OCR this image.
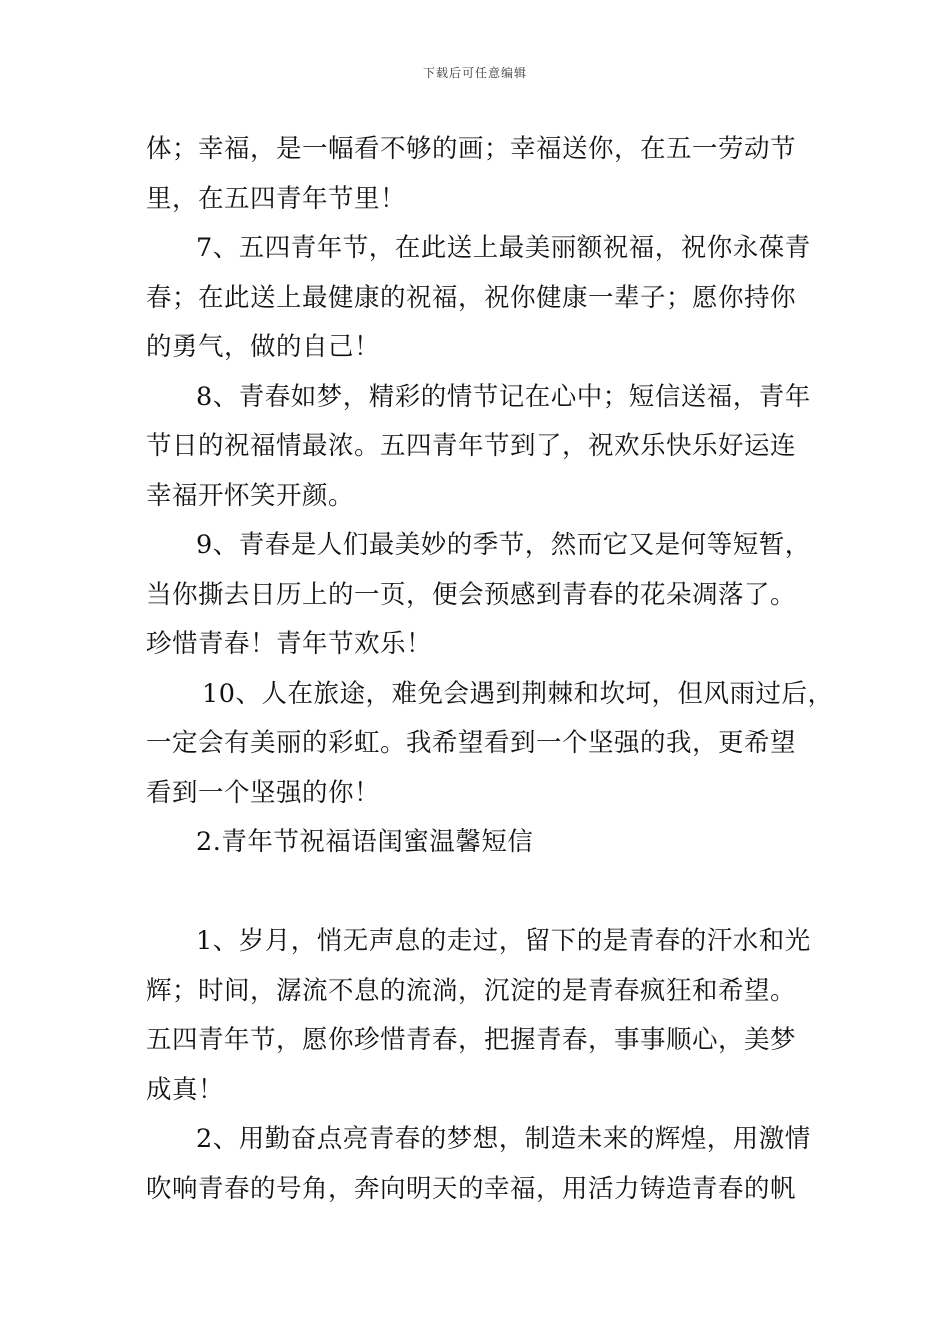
下载后可任意编辑
体；幸福，是一幅看不够的画；幸福送你，在五一劳动节
里，在五四青年节里！
7、五四青年节，在此送上最美丽额祝福，祝你永葆青
春；在此送上最健康的祝福，祝你健康一辈子；愿你持你
的勇气，做的自己！
8、青春如梦，精彩的情节记在心中；短信送福，青年
节日的祝福情最浓。五四青年节到了，祝欢乐快乐好运连
幸福开怀笑开颜。
9、青春是人们最美妙的季节，然而它又是何等短暂，
当你撕去日历上的一页，便会预感到青春的花朵凋落了。
珍惜青春！青年节欢乐！
10、人在旅途，难免会遇到荆棘和坎坷，但风雨过后，
一定会有美丽的彩虹。我希望看到一个坚强的我，更希望
看到一个坚强的你！
2.青年节祝福语闺蜜温馨短信
1、岁月，悄无声息的走过，留下的是青春的汗水和光
辉；时间，潺流不息的流淌，沉淀的是青春疯狂和希望。
五四青年节，愿你珍惜青春，把握青春，事事顺心，美梦
成真！
2、用勤奋点亮青春的梦想，制造未来的辉煌，用激情
吹响青春的号角，奔向明天的幸福，用活力铸造青春的帆
